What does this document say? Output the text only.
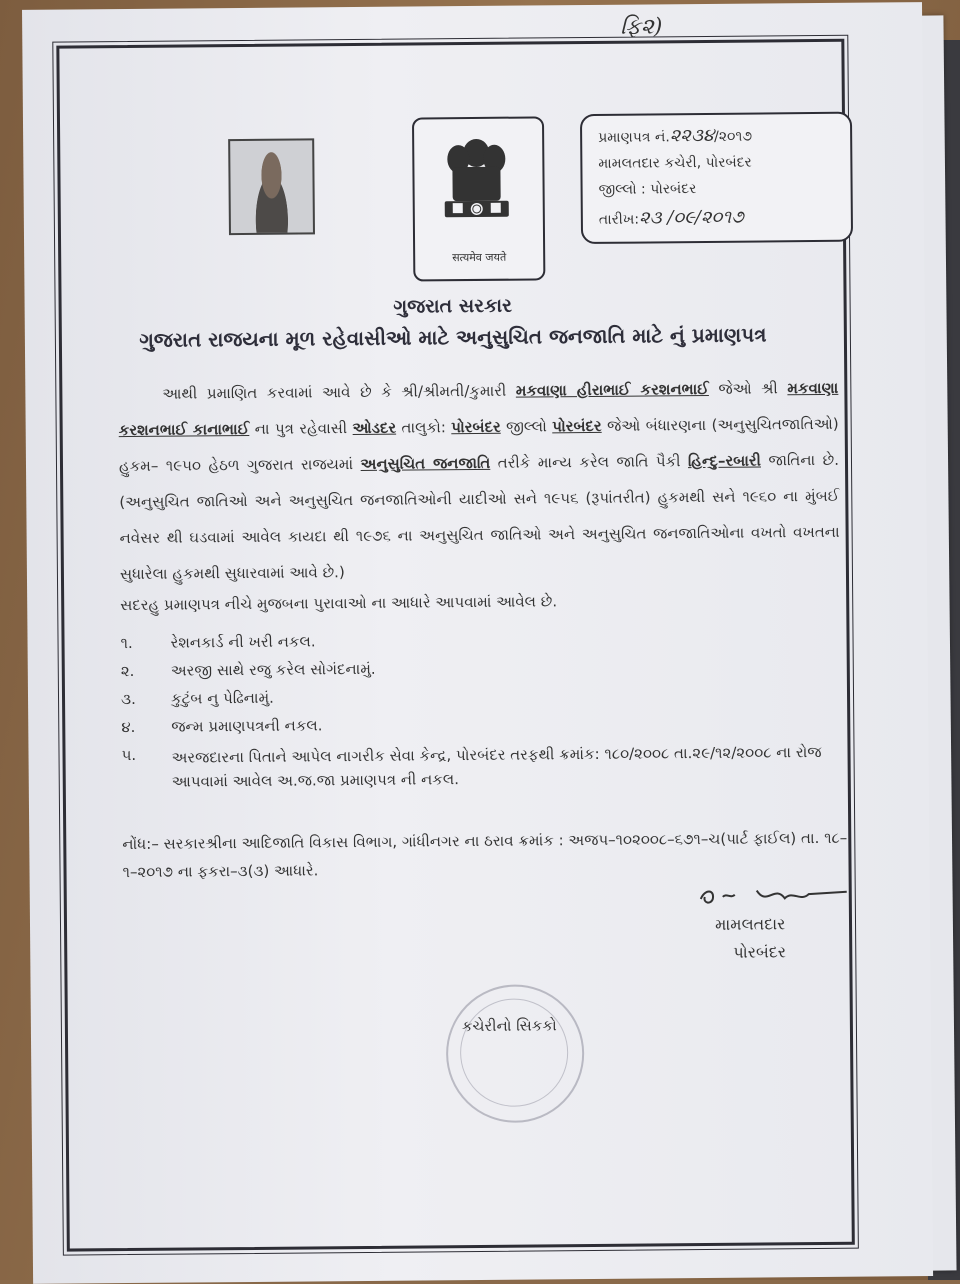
ફિ૨)
सत्यमेव जयते
પ્રમાણપત્ર નં.૨૨૩૪/૨૦૧૭
મામલતદાર કચેરી, પોરબંદર
જીલ્લો : પોરબંદર
તારીખ:૨૩ /૦૯/૨૦૧૭
ગુજરાત સરકાર
ગુજરાત રાજયના મૂળ રહેવાસીઓ માટે અનુસુચિત જનજાતિ માટે નું પ્રમાણપત્ર
આથી પ્રમાણિત કરવામાં આવે છે કે શ્રી/શ્રીમતી/કુમારી મકવાણા હીરાભાઈ કરશનભાઈ જેઓ શ્રી મકવાણા કરશનભાઈ કાનાભાઈ ના પુત્ર રહેવાસી ઓડદર તાલુકો: પોરબંદર જીલ્લો પોરબંદર જેઓ બંધારણના (અનુસુચિતજાતિઓ) હુકમ– ૧૯૫૦ હેઠળ ગુજરાત રાજયમાં અનુસુચિત જનજાતિ તરીકે માન્ય કરેલ જાતિ પૈકી હિન્દુ–રબારી જાતિના છે. (અનુસુચિત જાતિઓ અને અનુસુચિત જનજાતિઓની યાદીઓ સને ૧૯૫૬ (રૂપાંતરીત) હુકમથી સને ૧૯૬૦ ના મુંબઈ નવેસર થી ઘડવામાં આવેલ કાયદા થી ૧૯૭૬ ના અનુસુચિત જાતિઓ અને અનુસુચિત જનજાતિઓના વખતો વખતના સુધારેલા હુકમથી સુધારવામાં આવે છે.)
સદરહુ પ્રમાણપત્ર નીચે મુજબના પુરાવાઓ ના આધારે આપવામાં આવેલ છે.
૧.	રેશનકાર્ડ ની ખરી નકલ.
૨.	અરજી સાથે રજુ કરેલ સોગંદનામું.
૩.	કુટુંબ નુ પેઢિનામું.
૪.	જન્મ પ્રમાણપત્રની નકલ.
૫.	અરજદારના પિતાને આપેલ નાગરીક સેવા કેન્દ્ર, પોરબંદર તરફથી ક્રમાંક: ૧૮૦/૨૦૦૮ તા.૨૯/૧૨/૨૦૦૮ ના રોજ આપવામાં આવેલ અ.જ.જા પ્રમાણપત્ર ની નકલ.
નોંધ:– સરકારશ્રીના આદિજાતિ વિકાસ વિભાગ, ગાંધીનગર ના ઠરાવ ક્રમાંક : અજપ–૧૦૨૦૦૮–૬૭૧–ચ(પાર્ટ ફાઈલ) તા. ૧૮–૧–૨૦૧૭ ના ફકરા–૩(૩) આધારે.
મામલતદાર
પોરબંદર
કચેરીનો સિકકો
